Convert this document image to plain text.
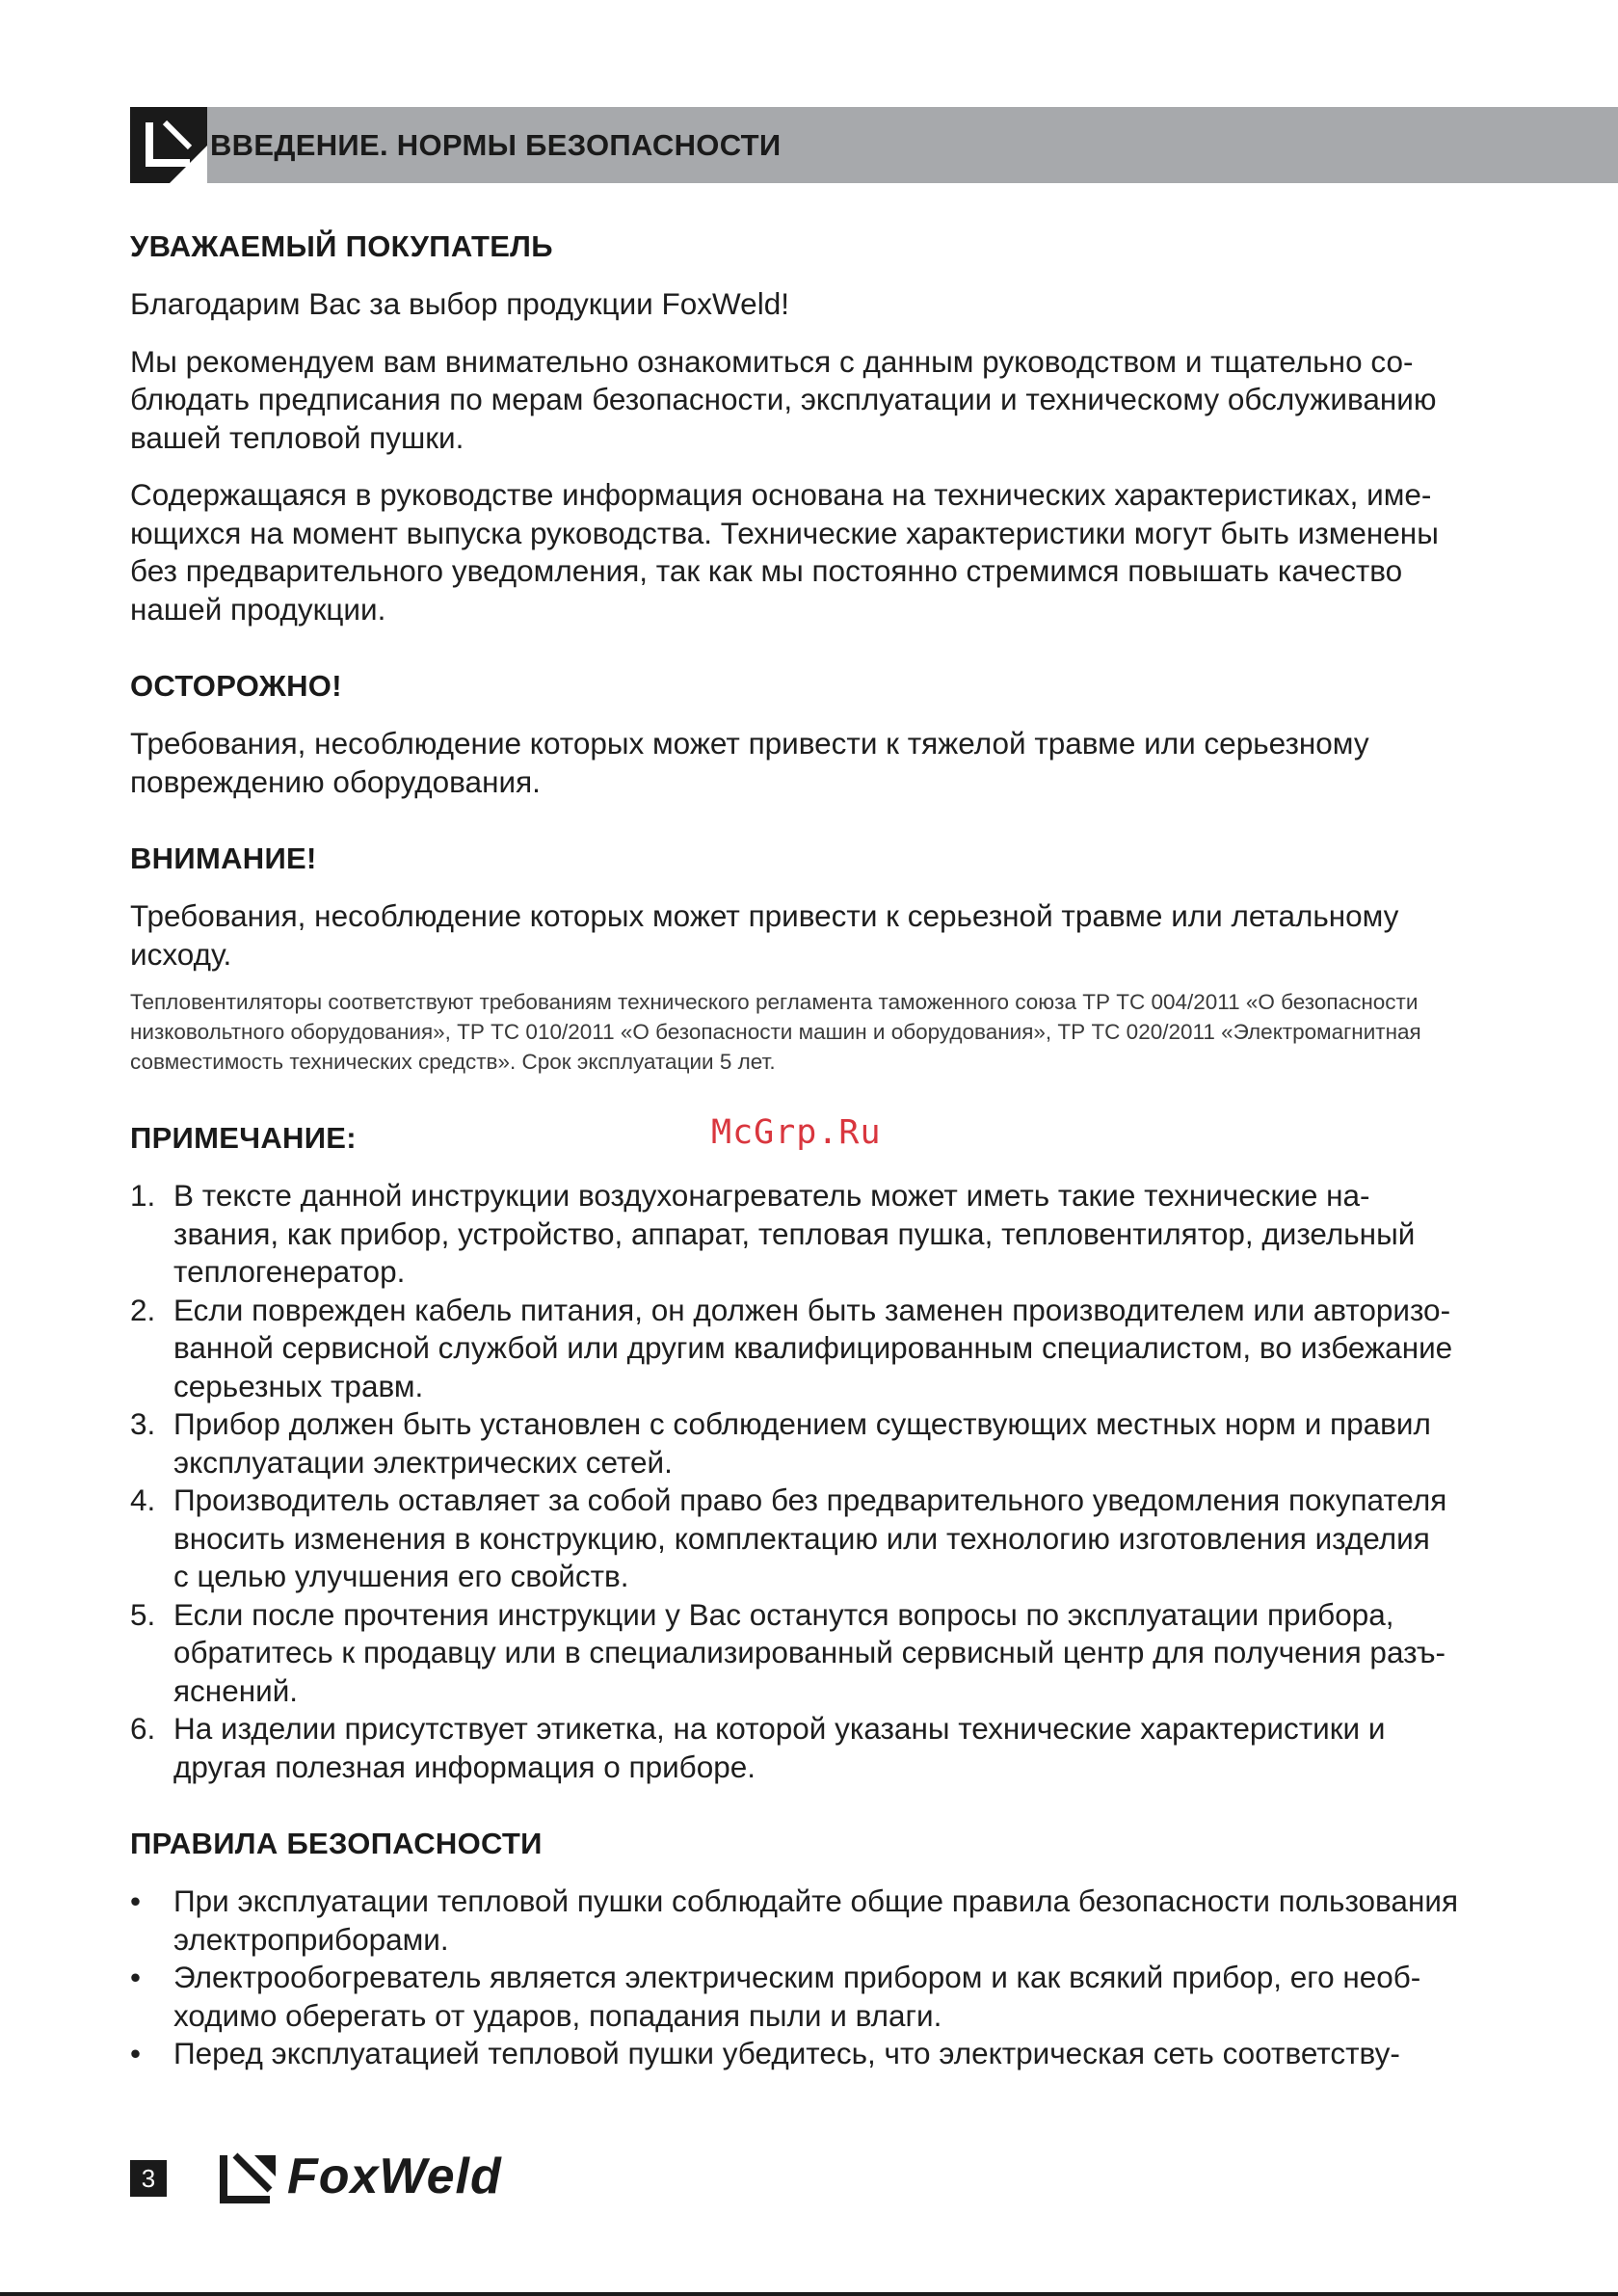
ВВЕДЕНИЕ. НОРМЫ БЕЗОПАСНОСТИ
УВАЖАЕМЫЙ ПОКУПАТЕЛЬ

Благодарим Вас за выбор продукции FoxWeld!

Мы рекомендуем вам внимательно ознакомиться с данным руководством и тщательно со-
блюдать предписания по мерам безопасности, эксплуатации и техническому обслуживанию
вашей тепловой пушки.

Содержащаяся в руководстве информация основана на технических характеристиках, име-
ющихся на момент выпуска руководства. Технические характеристики могут быть изменены
без предварительного уведомления, так как мы постоянно стремимся повышать качество
нашей продукции.

ОСТОРОЖНО!

Требования, несоблюдение которых может привести к тяжелой травме или серьезному
повреждению оборудования.

ВНИМАНИЕ!

Требования, несоблюдение которых может привести к серьезной травме или летальному
исходу.

Тепловентиляторы соответствуют требованиям технического регламента таможенного союза ТР ТС 004/2011 «О безопасности
низковольтного оборудования», ТР ТС 010/2011 «О безопасности машин и оборудования», ТР ТС 020/2011 «Электромагнитная
совместимость технических средств». Срок эксплуатации 5 лет.

ПРИМЕЧАНИЕ:	McGrp.Ru
1. В тексте данной инструкции воздухонагреватель может иметь такие технические на-
звания, как прибор, устройство, аппарат, тепловая пушка, тепловентилятор, дизельный
теплогенератор.
2. Если поврежден кабель питания, он должен быть заменен производителем или авторизо-
ванной сервисной службой или другим квалифицированным специалистом, во избежание
серьезных травм.
3. Прибор должен быть установлен с соблюдением существующих местных норм и правил
эксплуатации электрических сетей.
4. Производитель оставляет за собой право без предварительного уведомления покупателя
вносить изменения в конструкцию, комплектацию или технологию изготовления изделия
с целью улучшения его свойств.
5. Если после прочтения инструкции у Вас останутся вопросы по эксплуатации прибора,
обратитесь к продавцу или в специализированный сервисный центр для получения разъ-
яснений.
6. На изделии присутствует этикетка, на которой указаны технические характеристики и
другая полезная информация о приборе.
ПРАВИЛА БЕЗОПАСНОСТИ
• При эксплуатации тепловой пушки соблюдайте общие правила безопасности пользования
электроприборами.
• Электрообогреватель является электрическим прибором и как всякий прибор, его необ-
ходимо оберегать от ударов, попадания пыли и влаги.
• Перед эксплуатацией тепловой пушки убедитесь, что электрическая сеть соответству-
3	FoxWeld
